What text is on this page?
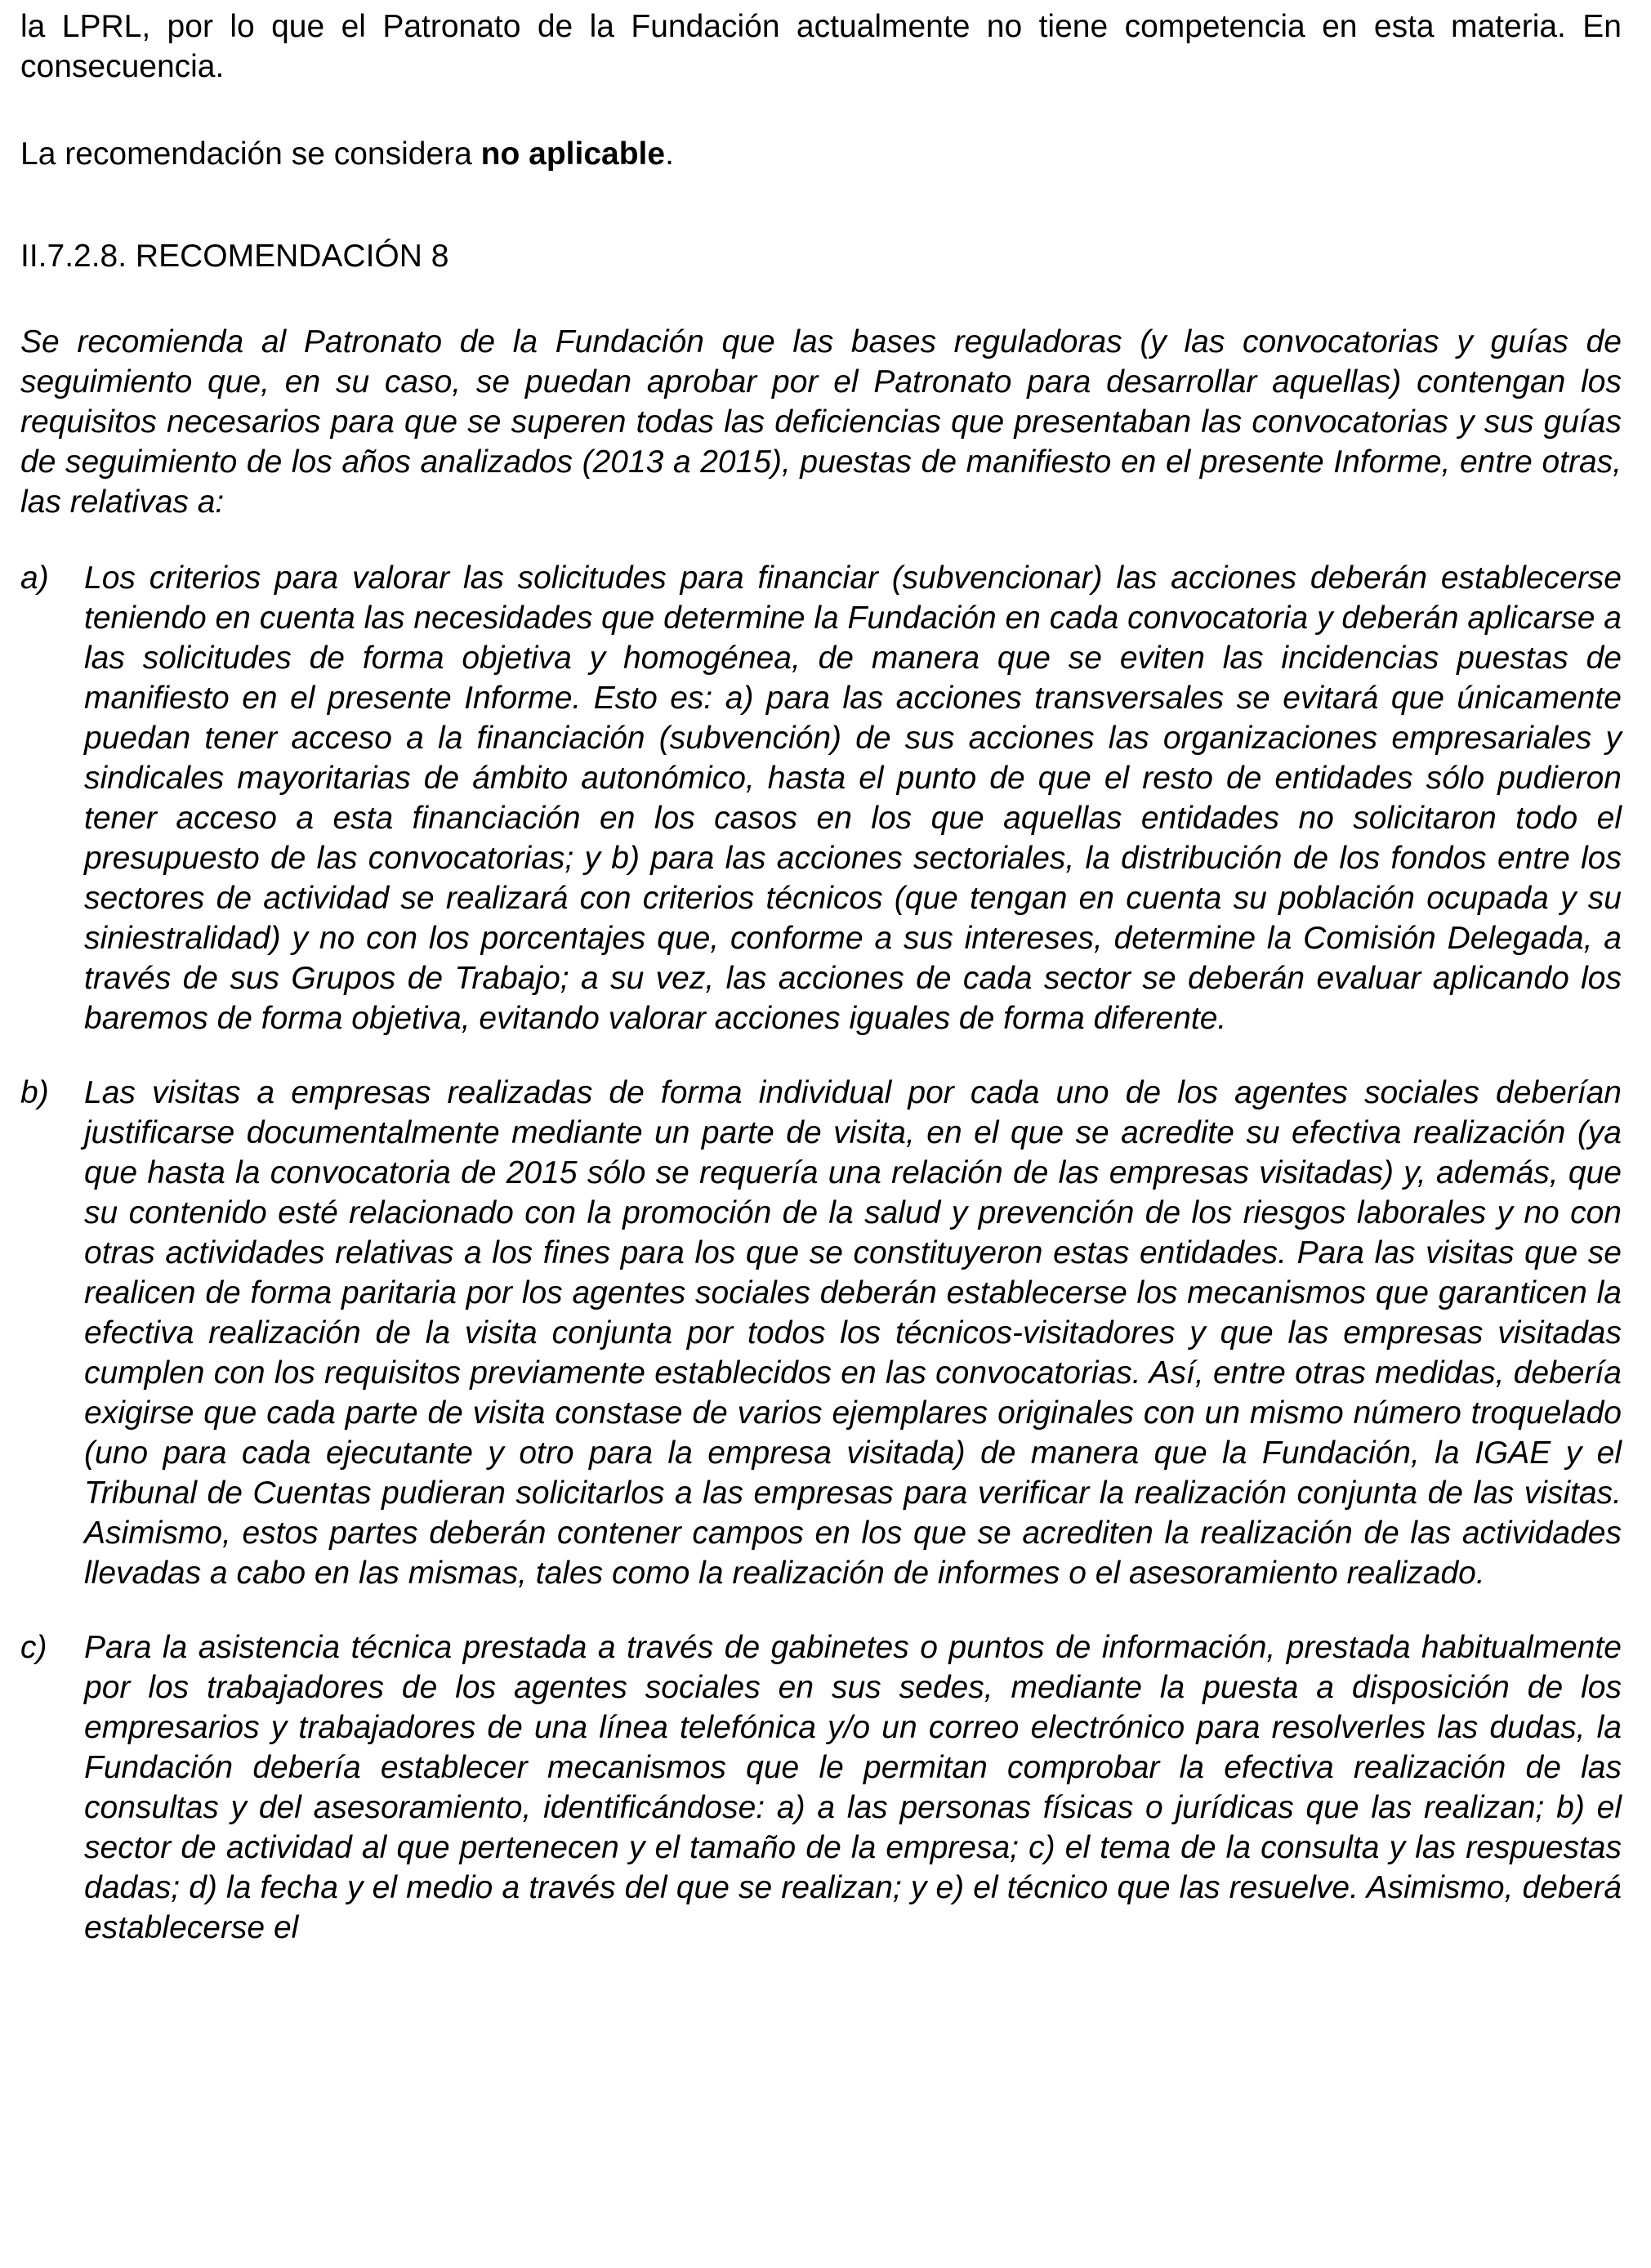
la LPRL, por lo que el Patronato de la Fundación actualmente no tiene competencia en esta materia. En consecuencia.

La recomendación se considera no aplicable.

II.7.2.8. RECOMENDACIÓN 8

Se recomienda al Patronato de la Fundación que las bases reguladoras (y las convocatorias y guías de seguimiento que, en su caso, se puedan aprobar por el Patronato para desarrollar aquellas) contengan los requisitos necesarios para que se superen todas las deficiencias que presentaban las convocatorias y sus guías de seguimiento de los años analizados (2013 a 2015), puestas de manifiesto en el presente Informe, entre otras, las relativas a:

a) Los criterios para valorar las solicitudes para financiar (subvencionar) las acciones deberán establecerse teniendo en cuenta las necesidades que determine la Fundación en cada convocatoria y deberán aplicarse a las solicitudes de forma objetiva y homogénea, de manera que se eviten las incidencias puestas de manifiesto en el presente Informe. Esto es: a) para las acciones transversales se evitará que únicamente puedan tener acceso a la financiación (subvención) de sus acciones las organizaciones empresariales y sindicales mayoritarias de ámbito autonómico, hasta el punto de que el resto de entidades sólo pudieron tener acceso a esta financiación en los casos en los que aquellas entidades no solicitaron todo el presupuesto de las convocatorias; y b) para las acciones sectoriales, la distribución de los fondos entre los sectores de actividad se realizará con criterios técnicos (que tengan en cuenta su población ocupada y su siniestralidad) y no con los porcentajes que, conforme a sus intereses, determine la Comisión Delegada, a través de sus Grupos de Trabajo; a su vez, las acciones de cada sector se deberán evaluar aplicando los baremos de forma objetiva, evitando valorar acciones iguales de forma diferente.
b) Las visitas a empresas realizadas de forma individual por cada uno de los agentes sociales deberían justificarse documentalmente mediante un parte de visita, en el que se acredite su efectiva realización (ya que hasta la convocatoria de 2015 sólo se requería una relación de las empresas visitadas) y, además, que su contenido esté relacionado con la promoción de la salud y prevención de los riesgos laborales y no con otras actividades relativas a los fines para los que se constituyeron estas entidades. Para las visitas que se realicen de forma paritaria por los agentes sociales deberán establecerse los mecanismos que garanticen la efectiva realización de la visita conjunta por todos los técnicos-visitadores y que las empresas visitadas cumplen con los requisitos previamente establecidos en las convocatorias. Así, entre otras medidas, debería exigirse que cada parte de visita constase de varios ejemplares originales con un mismo número troquelado (uno para cada ejecutante y otro para la empresa visitada) de manera que la Fundación, la IGAE y el Tribunal de Cuentas pudieran solicitarlos a las empresas para verificar la realización conjunta de las visitas. Asimismo, estos partes deberán contener campos en los que se acrediten la realización de las actividades llevadas a cabo en las mismas, tales como la realización de informes o el asesoramiento realizado.
c) Para la asistencia técnica prestada a través de gabinetes o puntos de información, prestada habitualmente por los trabajadores de los agentes sociales en sus sedes, mediante la puesta a disposición de los empresarios y trabajadores de una línea telefónica y/o un correo electrónico para resolverles las dudas, la Fundación debería establecer mecanismos que le permitan comprobar la efectiva realización de las consultas y del asesoramiento, identificándose: a) a las personas físicas o jurídicas que las realizan; b) el sector de actividad al que pertenecen y el tamaño de la empresa; c) el tema de la consulta y las respuestas dadas; d) la fecha y el medio a través del que se realizan; y e) el técnico que las resuelve. Asimismo, deberá establecerse el
